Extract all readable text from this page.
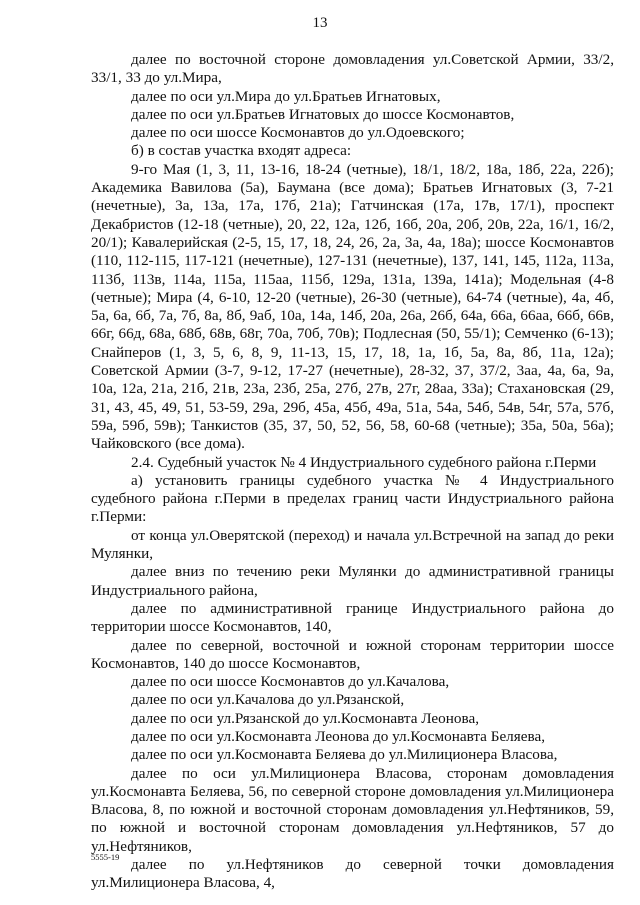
13

далее по восточной стороне домовладения ул.Советской Армии, 33/2, 33/1, 33 до ул.Мира,

далее по оси ул.Мира до ул.Братьев Игнатовых,

далее по оси ул.Братьев Игнатовых до шоссе Космонавтов,

далее по оси шоссе Космонавтов до ул.Одоевского;

б) в состав участка входят адреса:

9-го Мая (1, 3, 11, 13-16, 18-24 (четные), 18/1, 18/2, 18а, 18б, 22а, 22б); Академика Вавилова (5а), Баумана (все дома); Братьев Игнатовых (3, 7-21 (нечетные), 3а, 13а, 17а, 17б, 21а); Гатчинская (17а, 17в, 17/1), проспект Декабристов (12-18 (четные), 20, 22, 12а, 12б, 16б, 20а, 20б, 20в, 22а, 16/1, 16/2, 20/1); Кавалерийская (2-5, 15, 17, 18, 24, 26, 2а, 3а, 4а, 18а); шоссе Космонавтов (110, 112-115, 117-121 (нечетные), 127-131 (нечетные), 137, 141, 145, 112а, 113а, 113б, 113в, 114а, 115а, 115аа, 115б, 129а, 131а, 139а, 141а); Модельная (4-8 (четные); Мира (4, 6-10, 12-20 (четные), 26-30 (четные), 64-74 (четные), 4а, 4б, 5а, 6а, 6б, 7а, 7б, 8а, 8б, 9аб, 10а, 14а, 14б, 20а, 26а, 26б, 64а, 66а, 66аа, 66б, 66в, 66г, 66д, 68а, 68б, 68в, 68г, 70а, 70б, 70в); Подлесная (50, 55/1); Семченко (6-13); Снайперов (1, 3, 5, 6, 8, 9, 11-13, 15, 17, 18, 1а, 1б, 5а, 8а, 8б, 11а, 12а); Советской Армии (3-7, 9-12, 17-27 (нечетные), 28-32, 37, 37/2, 3аа, 4а, 6а, 9а, 10а, 12а, 21а, 21б, 21в, 23а, 23б, 25а, 27б, 27в, 27г, 28аа, 33а); Стахановская (29, 31, 43, 45, 49, 51, 53-59, 29а, 29б, 45а, 45б, 49а, 51а, 54а, 54б, 54в, 54г, 57а, 57б, 59а, 59б, 59в); Танкистов (35, 37, 50, 52, 56, 58, 60-68 (четные); 35а, 50а, 56а); Чайковского (все дома).

2.4. Судебный участок № 4 Индустриального судебного района г.Перми

а) установить границы судебного участка № 4 Индустриального судебного района г.Перми в пределах границ части Индустриального района г.Перми:

от конца ул.Оверятской (переход) и начала ул.Встречной на запад до реки Мулянки,

далее вниз по течению реки Мулянки до административной границы Индустриального района,

далее по административной границе Индустриального района до территории шоссе Космонавтов, 140,

далее по северной, восточной и южной сторонам территории шоссе Космонавтов, 140 до шоссе Космонавтов,

далее по оси шоссе Космонавтов до ул.Качалова,

далее по оси ул.Качалова до ул.Рязанской,

далее по оси ул.Рязанской до ул.Космонавта Леонова,

далее по оси ул.Космонавта Леонова до ул.Космонавта Беляева,

далее по оси ул.Космонавта Беляева до ул.Милиционера Власова,

далее по оси ул.Милиционера Власова, сторонам домовладения ул.Космонавта Беляева, 56, по северной стороне домовладения ул.Милиционера Власова, 8, по южной и восточной сторонам домовладения ул.Нефтяников, 59, по южной и восточной сторонам домовладения ул.Нефтяников, 57 до ул.Нефтяников,

далее по ул.Нефтяников до северной точки домовладения ул.Милиционера Власова, 4,

5555-19
